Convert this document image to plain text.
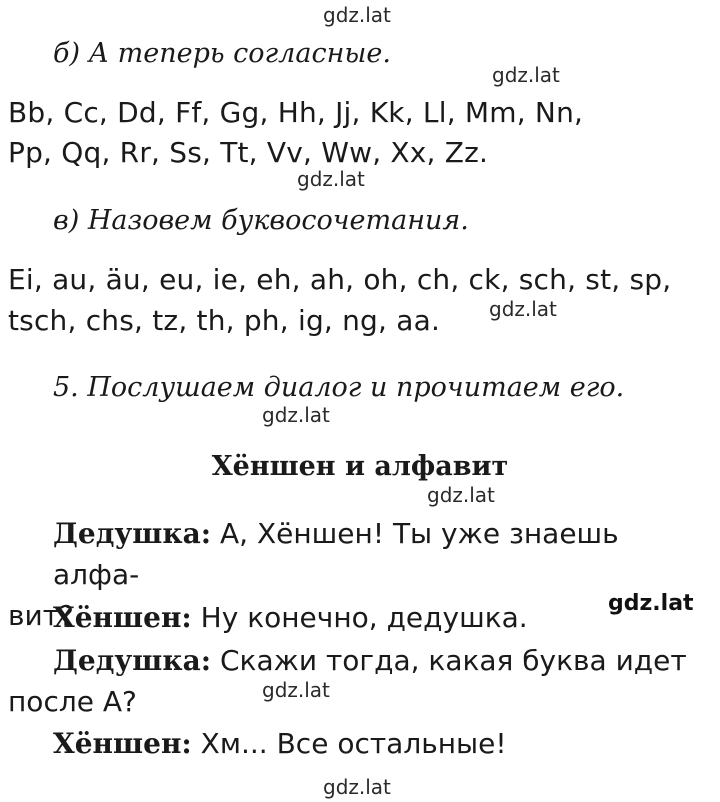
gdz.lat
gdz.lat
gdz.lat
gdz.lat
gdz.lat
gdz.lat
gdz.lat
gdz.lat
gdz.lat
б) А теперь согласные.
Bb, Cc, Dd, Ff, Gg, Hh, Jj, Kk, Ll, Mm, Nn,
Pp, Qq, Rr, Ss, Tt, Vv, Ww, Xx, Zz.
в) Назовем буквосочетания.
Ei, au, äu, eu, ie, eh, ah, oh, ch, ck, sch, st, sp,
tsch, chs, tz, th, ph, ig, ng, aa.
5. Послушаем диалог и прочитаем его.
Хёншен и алфавит
Дедушка: А, Хёншен! Ты уже знаешь алфа-
вит?
Хёншен: Ну конечно, дедушка.
Дедушка: Скажи тогда, какая буква идет
после А?
Хёншен: Хм... Все остальные!
